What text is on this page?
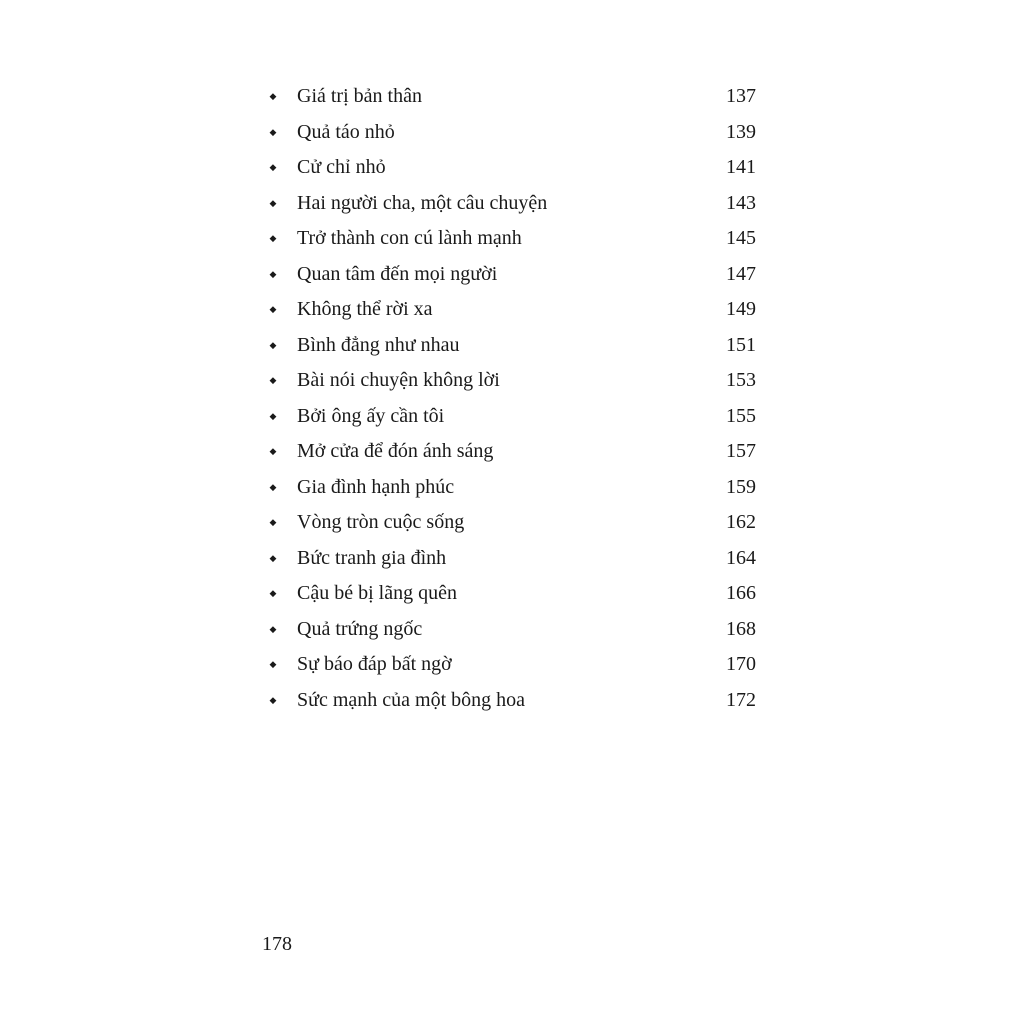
◆ Giá trị bản thân	137
◆ Quả táo nhỏ	139
◆ Cử chỉ nhỏ	141
◆ Hai người cha, một câu chuyện	143
◆ Trở thành con cú lành mạnh	145
◆ Quan tâm đến mọi người	147
◆ Không thể rời xa	149
◆ Bình đẳng như nhau	151
◆ Bài nói chuyện không lời	153
◆ Bởi ông ấy cần tôi	155
◆ Mở cửa để đón ánh sáng	157
◆ Gia đình hạnh phúc	159
◆ Vòng tròn cuộc sống	162
◆ Bức tranh gia đình	164
◆ Cậu bé bị lãng quên	166
◆ Quả trứng ngốc	168
◆ Sự báo đáp bất ngờ	170
◆ Sức mạnh của một bông hoa	172
178
